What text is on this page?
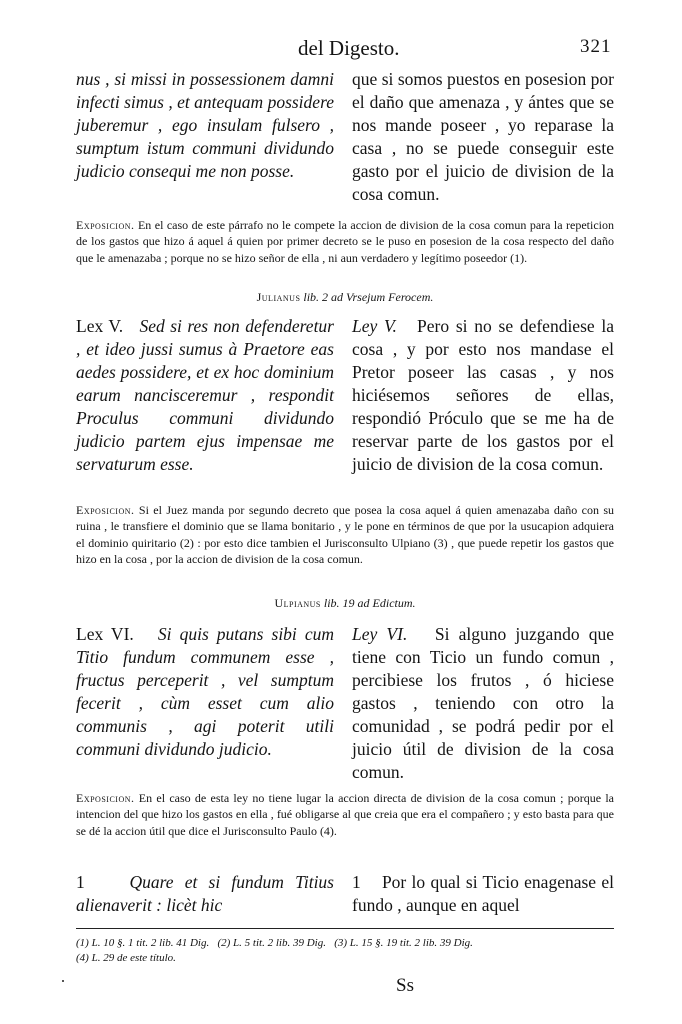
del Digesto.	321
nus , si missi in possessionem damni infecti simus , et antequam possidere juberemur , ego insulam fulsero , sumptum istum communi dividundo judicio consequi me non posse.
que si somos puestos en posesion por el daño que amenaza , y ántes que se nos mande poseer , yo reparase la casa , no se puede conseguir este gasto por el juicio de division de la cosa comun.
Exposicion. En el caso de este párrafo no le compete la accion de division de la cosa comun para la repeticion de los gastos que hizo á aquel á quien por primer decreto se le puso en posesion de la cosa respecto del daño que le amenazaba ; porque no se hizo señor de ella , ni aun verdadero y legítimo poseedor (1).
Julianus lib. 2 ad Vrsejum Ferocem.
Lex V. Sed si res non defenderetur , et ideo jussi sumus à Praetore eas aedes possidere, et ex hoc dominium earum nancisceremur , respondit Proculus communi dividundo judicio partem ejus impensae me servaturum esse.
Ley V. Pero si no se defendiese la cosa , y por esto nos mandase el Pretor poseer las casas , y nos hiciésemos señores de ellas, respondió Próculo que se me ha de reservar parte de los gastos por el juicio de division de la cosa comun.
Exposicion. Si el Juez manda por segundo decreto que posea la cosa aquel á quien amenazaba daño con su ruina , le transfiere el dominio que se llama bonitario , y le pone en términos de que por la usucapion adquiera el dominio quiritario (2) : por esto dice tambien el Jurisconsulto Ulpiano (3) , que puede repetir los gastos que hizo en la cosa , por la accion de division de la cosa comun.
Ulpianus lib. 19 ad Edictum.
Lex VI. Si quis putans sibi cum Titio fundum communem esse , fructus perceperit , vel sumptum fecerit , cùm esset cum alio communis , agi poterit utili communi dividundo judicio.
Ley VI. Si alguno juzgando que tiene con Ticio un fundo comun , percibiese los frutos , ó hiciese gastos , teniendo con otro la comunidad , se podrá pedir por el juicio útil de division de la cosa comun.
Exposicion. En el caso de esta ley no tiene lugar la accion directa de division de la cosa comun ; porque la intencion del que hizo los gastos en ella , fué obligarse al que creia que era el compañero ; y esto basta para que se dé la accion útil que dice el Jurisconsulto Paulo (4).
1	Quare et si fundum Titius alienaverit : licèt hic
1 Por lo qual si Ticio enagenase el fundo , aunque en aquel
(1) L. 10 §. 1 tit. 2 lib. 41 Dig.   (2) L. 5 tit. 2 lib. 39 Dig.   (3) L. 15 §. 19 tit. 2 lib. 39 Dig.
(4) L. 29 de este título.
Ss
